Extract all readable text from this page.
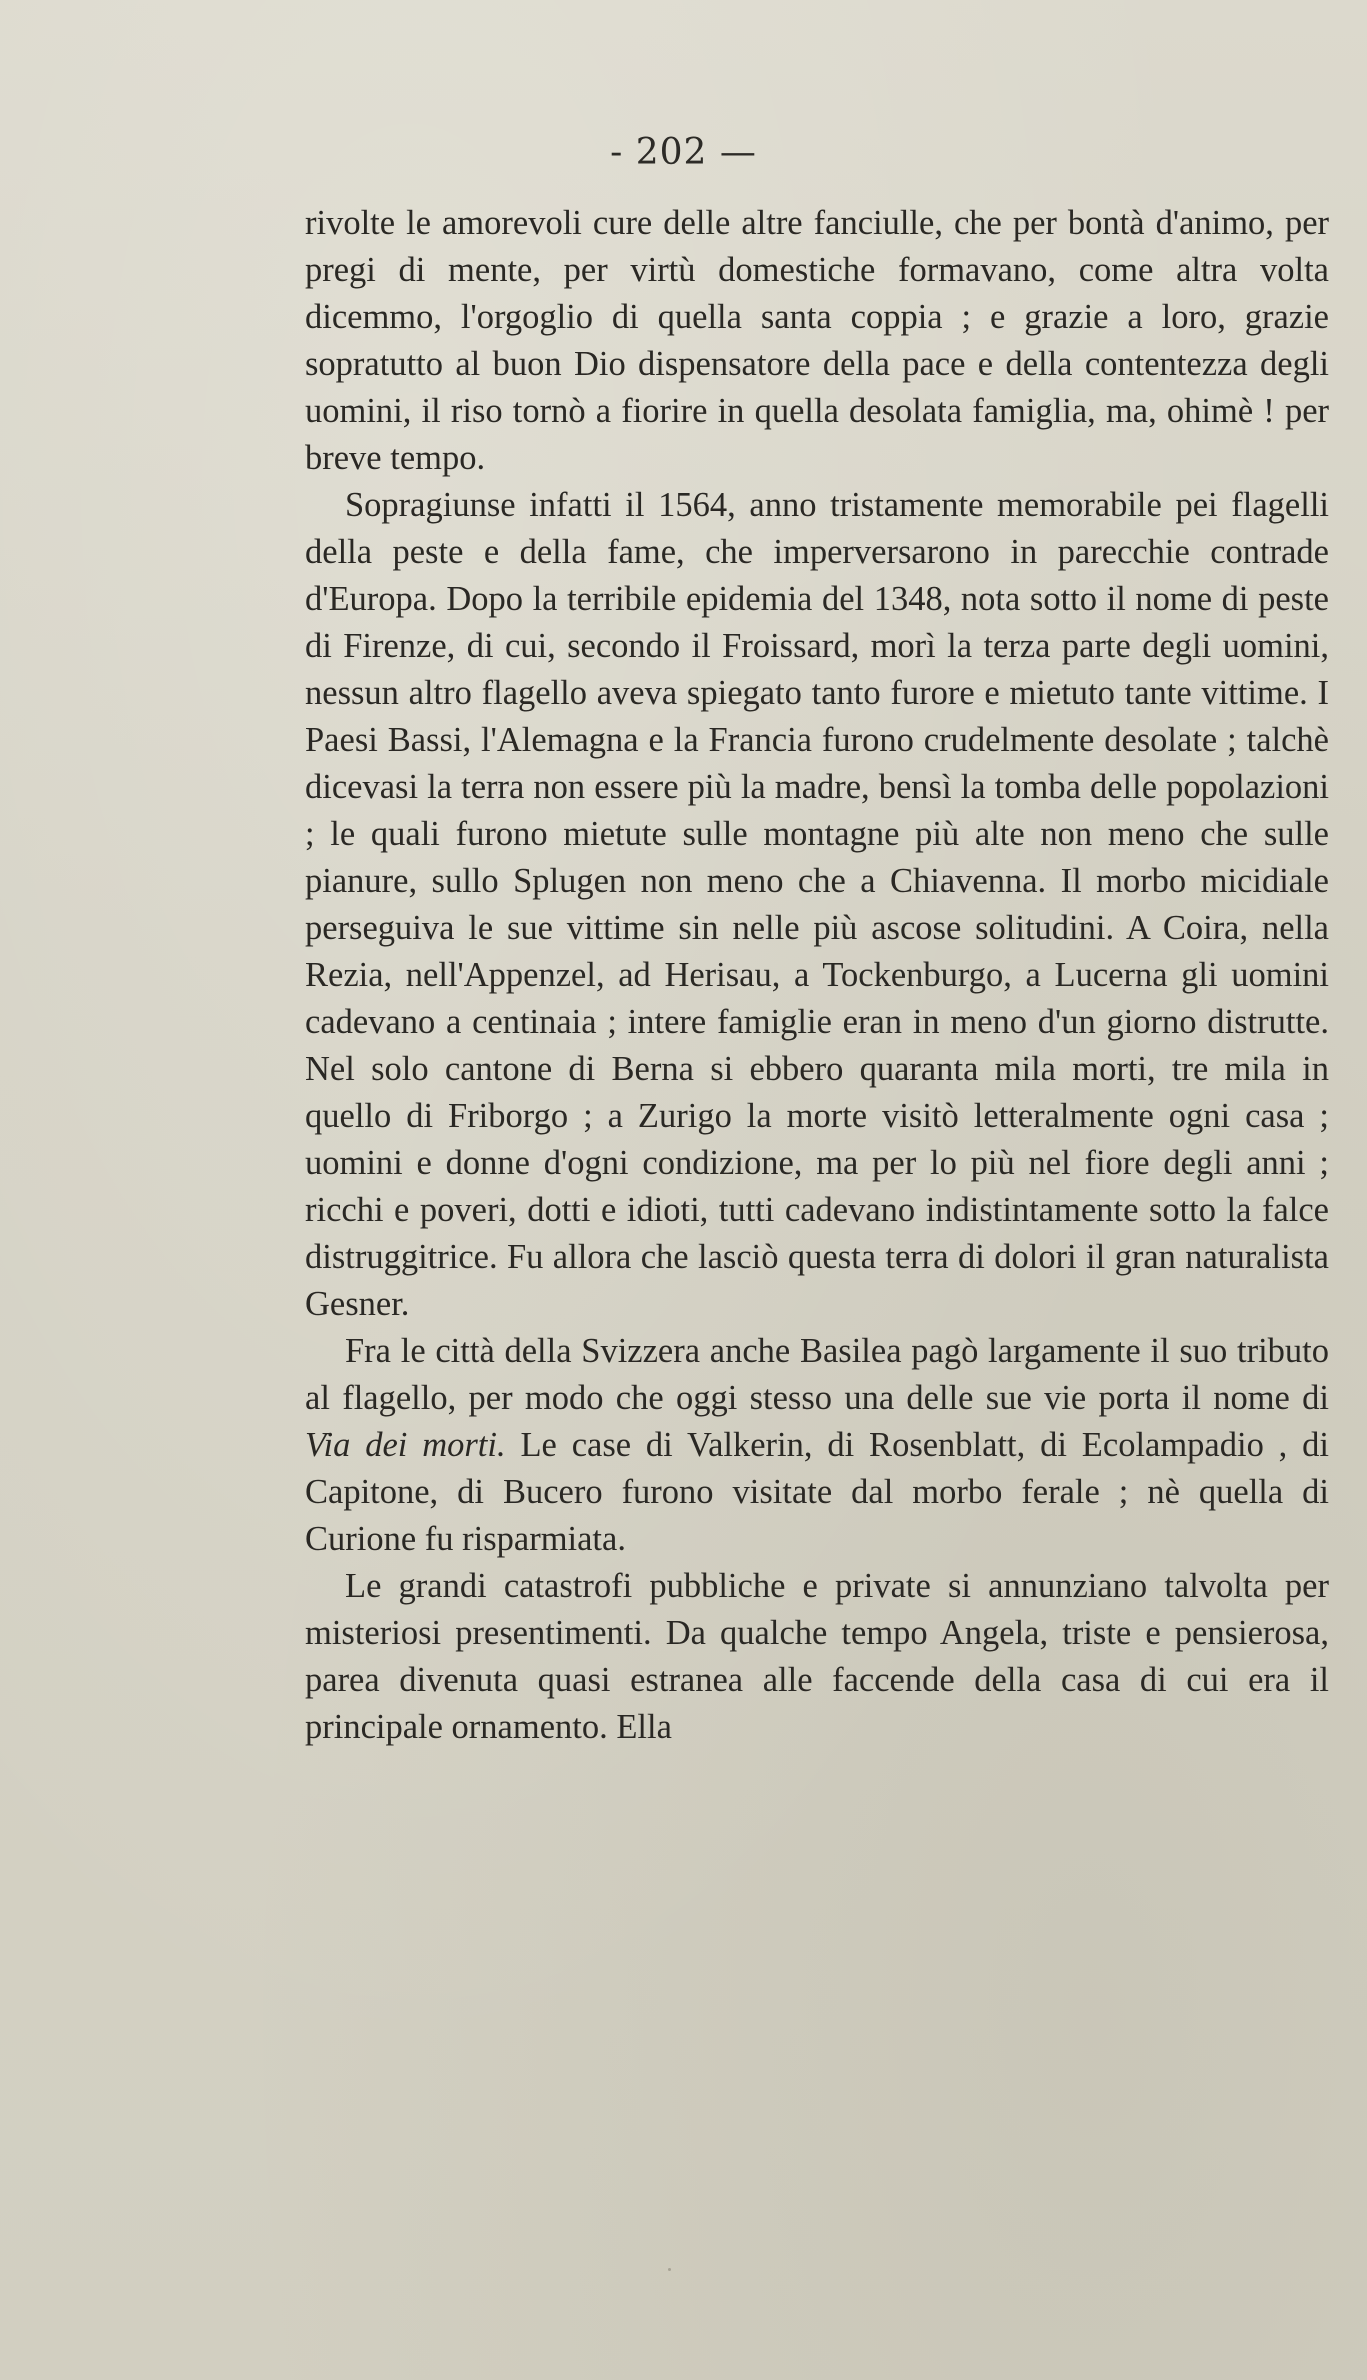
- 202 —

rivolte le amorevoli cure delle altre fanciulle, che per bontà d'animo, per pregi di mente, per virtù domestiche formavano, come altra volta dicemmo, l'orgoglio di quella santa coppia ; e grazie a loro, grazie sopratutto al buon Dio dispensatore della pace e della contentezza degli uomini, il riso tornò a fiorire in quella desolata famiglia, ma, ohimè ! per breve tempo.

Sopragiunse infatti il 1564, anno tristamente memorabile pei flagelli della peste e della fame, che imperversarono in parecchie contrade d'Europa. Dopo la terribile epidemia del 1348, nota sotto il nome di peste di Firenze, di cui, secondo il Froissard, morì la terza parte degli uomini, nessun altro flagello aveva spiegato tanto furore e mietuto tante vittime. I Paesi Bassi, l'Alemagna e la Francia furono crudelmente desolate ; talchè dicevasi la terra non essere più la madre, bensì la tomba delle popolazioni ; le quali furono mietute sulle montagne più alte non meno che sulle pianure, sullo Splugen non meno che a Chiavenna. Il morbo micidiale perseguiva le sue vittime sin nelle più ascose solitudini. A Coira, nella Rezia, nell'Appenzel, ad Herisau, a Tockenburgo, a Lucerna gli uomini cadevano a centinaia ; intere famiglie eran in meno d'un giorno distrutte. Nel solo cantone di Berna si ebbero quaranta mila morti, tre mila in quello di Friborgo ; a Zurigo la morte visitò letteralmente ogni casa ; uomini e donne d'ogni condizione, ma per lo più nel fiore degli anni ; ricchi e poveri, dotti e idioti, tutti cadevano indistintamente sotto la falce distruggitrice. Fu allora che lasciò questa terra di dolori il gran naturalista Gesner.

Fra le città della Svizzera anche Basilea pagò largamente il suo tributo al flagello, per modo che oggi stesso una delle sue vie porta il nome di Via dei morti. Le case di Valkerin, di Rosenblatt, di Ecolampadio , di Capitone, di Bucero furono visitate dal morbo ferale ; nè quella di Curione fu risparmiata.

Le grandi catastrofi pubbliche e private si annunziano talvolta per misteriosi presentimenti. Da qualche tempo Angela, triste e pensierosa, parea divenuta quasi estranea alle faccende della casa di cui era il principale ornamento. Ella
